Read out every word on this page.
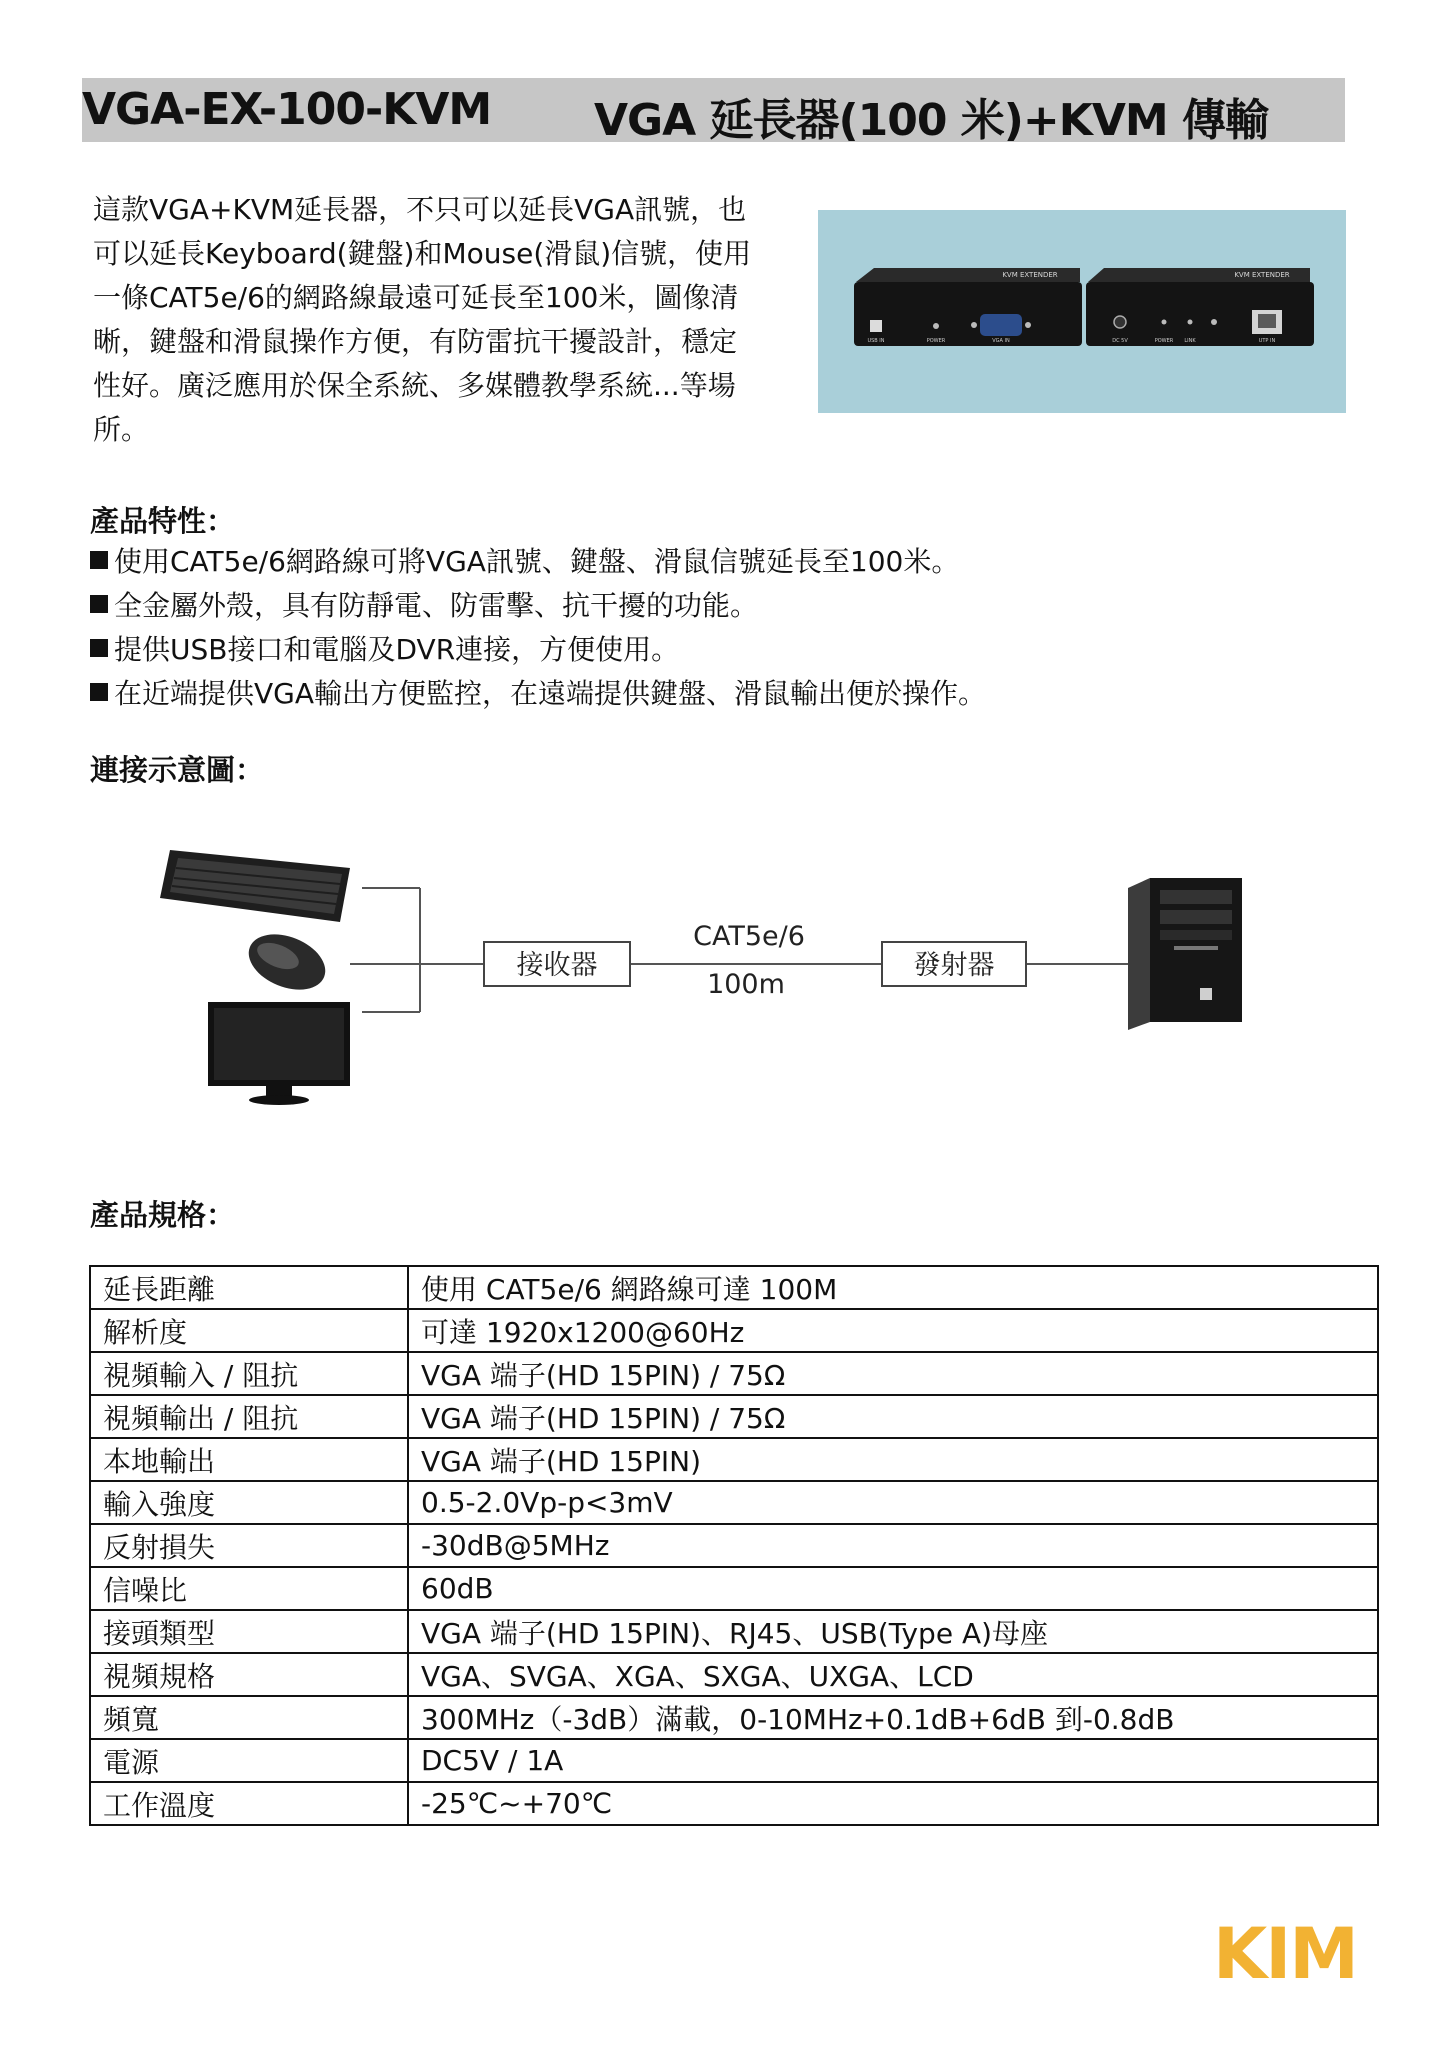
VGA-EX-100-KVM VGA 延長器(100 米)+KVM 傳輸
這款VGA+KVM延長器，不只可以延長VGA訊號，也
可以延長Keyboard(鍵盤)和Mouse(滑鼠)信號，使用
一條CAT5e/6的網路線最遠可延長至100米，圖像清
晰，鍵盤和滑鼠操作方便，有防雷抗干擾設計，穩定
性好。廣泛應用於保全系統、多媒體教學系統...等場
所。
KVM EXTENDER
USB IN	POWER	VGA IN
KVM EXTENDER
DC 5V	POWER LINK	UTP IN
產品特性：
使用CAT5e/6網路線可將VGA訊號、鍵盤、滑鼠信號延長至100米。
全金屬外殼，具有防靜電、防雷擊、抗干擾的功能。
提供USB接口和電腦及DVR連接，方便使用。
在近端提供VGA輸出方便監控，在遠端提供鍵盤、滑鼠輸出便於操作。
連接示意圖：
接收器	發射器
CAT5e/6
100m
產品規格：
延長距離	使用 CAT5e/6 網路線可達 100M
解析度	可達 1920x1200@60Hz
視頻輸入 / 阻抗	VGA 端子(HD 15PIN) / 75Ω
視頻輸出 / 阻抗	VGA 端子(HD 15PIN) / 75Ω
本地輸出	VGA 端子(HD 15PIN)
輸入強度	0.5-2.0Vp-p<3mV
反射損失	-30dB@5MHz
信噪比	60dB
接頭類型	VGA 端子(HD 15PIN)、RJ45、USB(Type A)母座
視頻規格	VGA、SVGA、XGA、SXGA、UXGA、LCD
頻寬	300MHz（-3dB）滿載，0-10MHz+0.1dB+6dB 到-0.8dB
電源	DC5V / 1A
工作溫度	-25℃~+70℃
KIM
